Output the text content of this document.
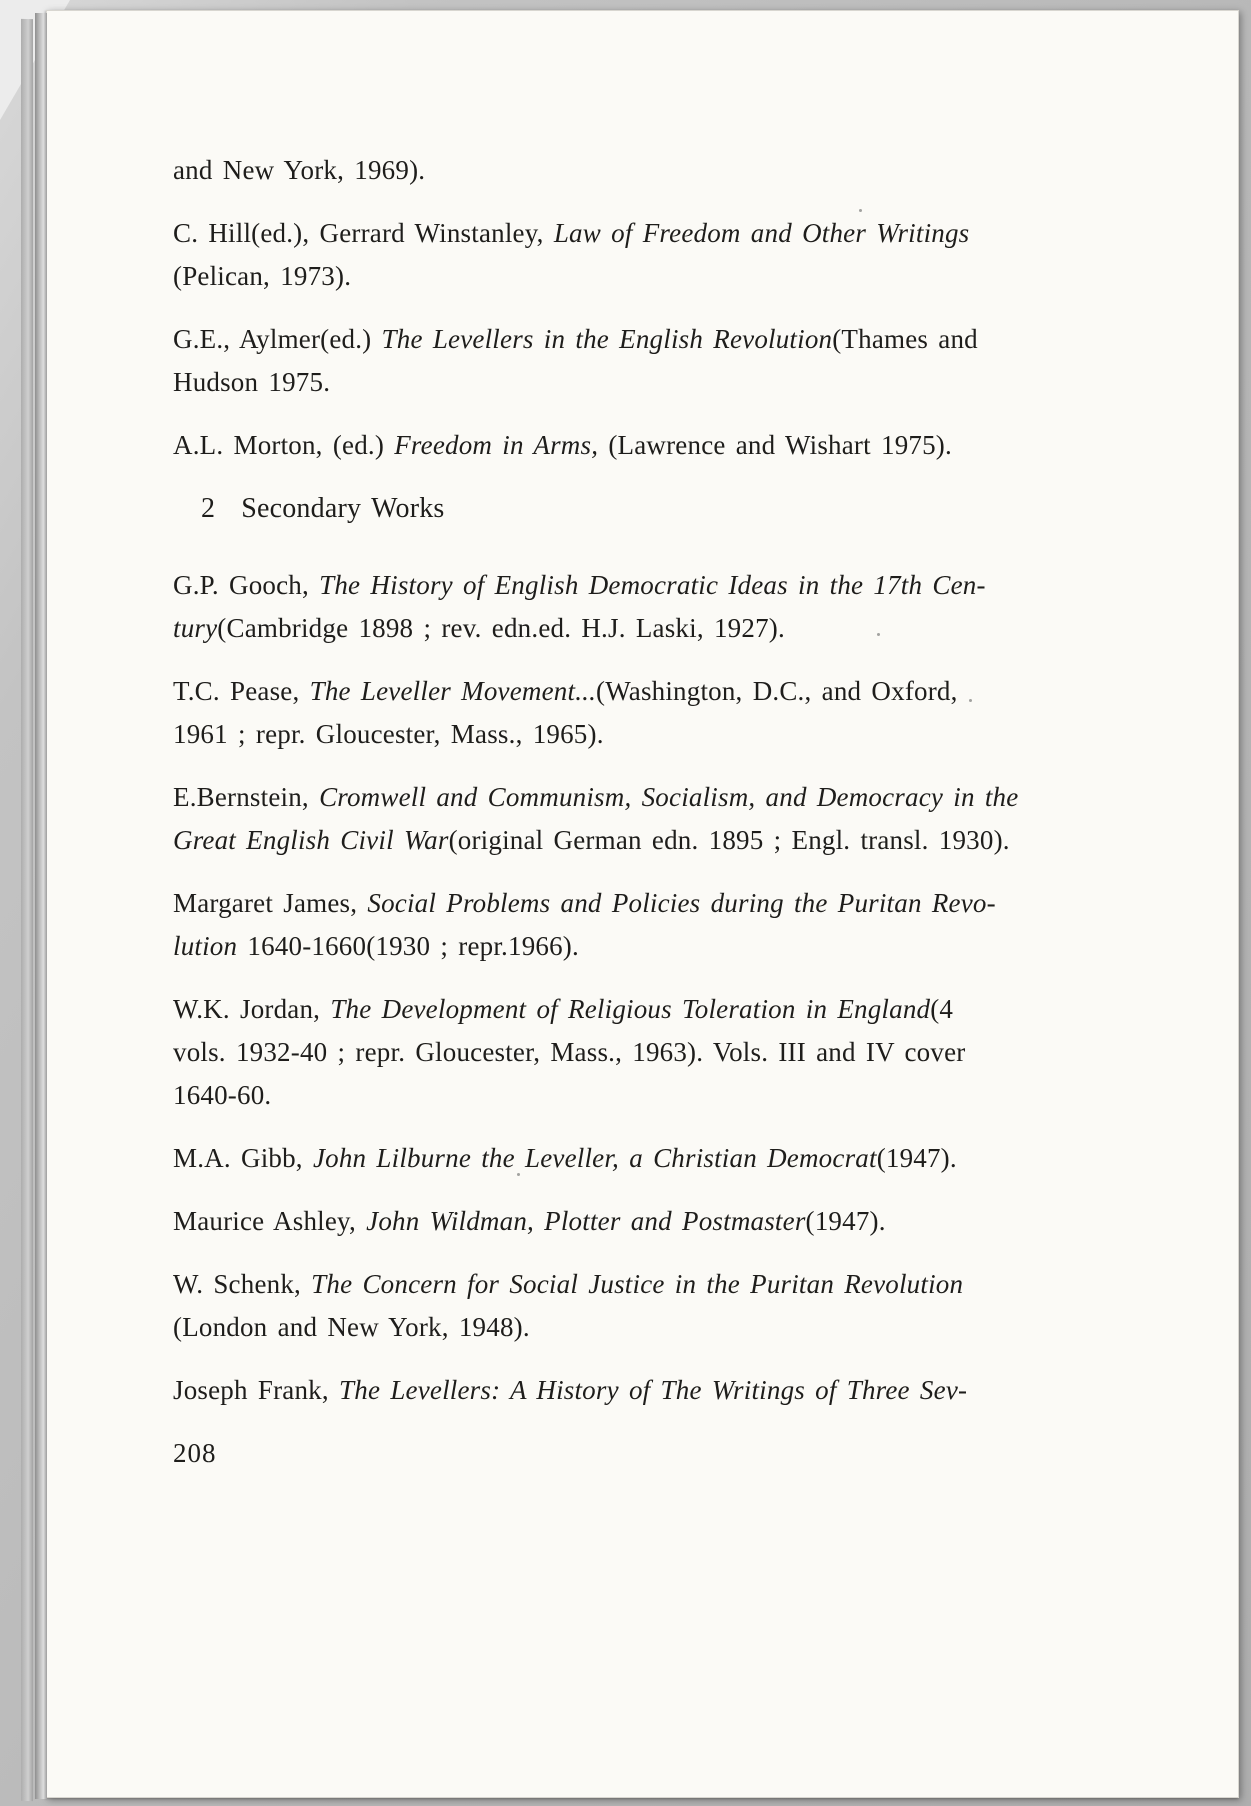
and New York, 1969).

C. Hill(ed.), Gerrard Winstanley, Law of Freedom and Other Writings
(Pelican, 1973).

G.E., Aylmer(ed.) The Levellers in the English Revolution(Thames and
Hudson 1975.

A.L. Morton, (ed.) Freedom in Arms, (Lawrence and Wishart 1975).

2 Secondary Works

G.P. Gooch, The History of English Democratic Ideas in the 17th Cen-
tury(Cambridge 1898 ; rev. edn.ed. H.J. Laski, 1927).

T.C. Pease, The Leveller Movement...(Washington, D.C., and Oxford,
1961 ; repr. Gloucester, Mass., 1965).

E.Bernstein, Cromwell and Communism, Socialism, and Democracy in the
Great English Civil War(original German edn. 1895 ; Engl. transl. 1930).

Margaret James, Social Problems and Policies during the Puritan Revo-
lution 1640-1660(1930 ; repr.1966).

W.K. Jordan, The Development of Religious Toleration in England(4
vols. 1932-40 ; repr. Gloucester, Mass., 1963). Vols. III and IV cover
1640-60.

M.A. Gibb, John Lilburne the Leveller, a Christian Democrat(1947).

Maurice Ashley, John Wildman, Plotter and Postmaster(1947).

W. Schenk, The Concern for Social Justice in the Puritan Revolution
(London and New York, 1948).

Joseph Frank, The Levellers: A History of The Writings of Three Sev-

208
